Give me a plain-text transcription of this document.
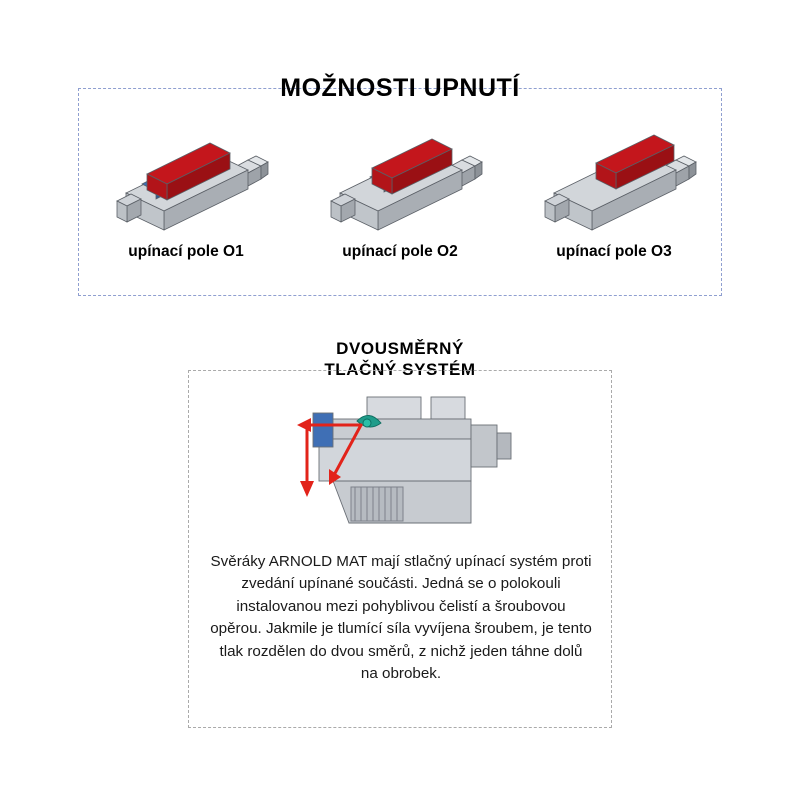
MOŽNOSTI UPNUTÍ
upínací pole O1	upínací pole O2	upínací pole O3
DVOUSMĚRNÝ
TLAČNÝ SYSTÉM
Svěráky ARNOLD MAT mají stlačný upínací systém proti zvedání upínané součásti. Jedná se o polokouli instalovanou mezi pohyblivou čelistí a šroubovou opěrou. Jakmile je tlumící síla vyvíjena šroubem, je tento tlak rozdělen do dvou směrů, z nichž jeden táhne dolů na obrobek.
